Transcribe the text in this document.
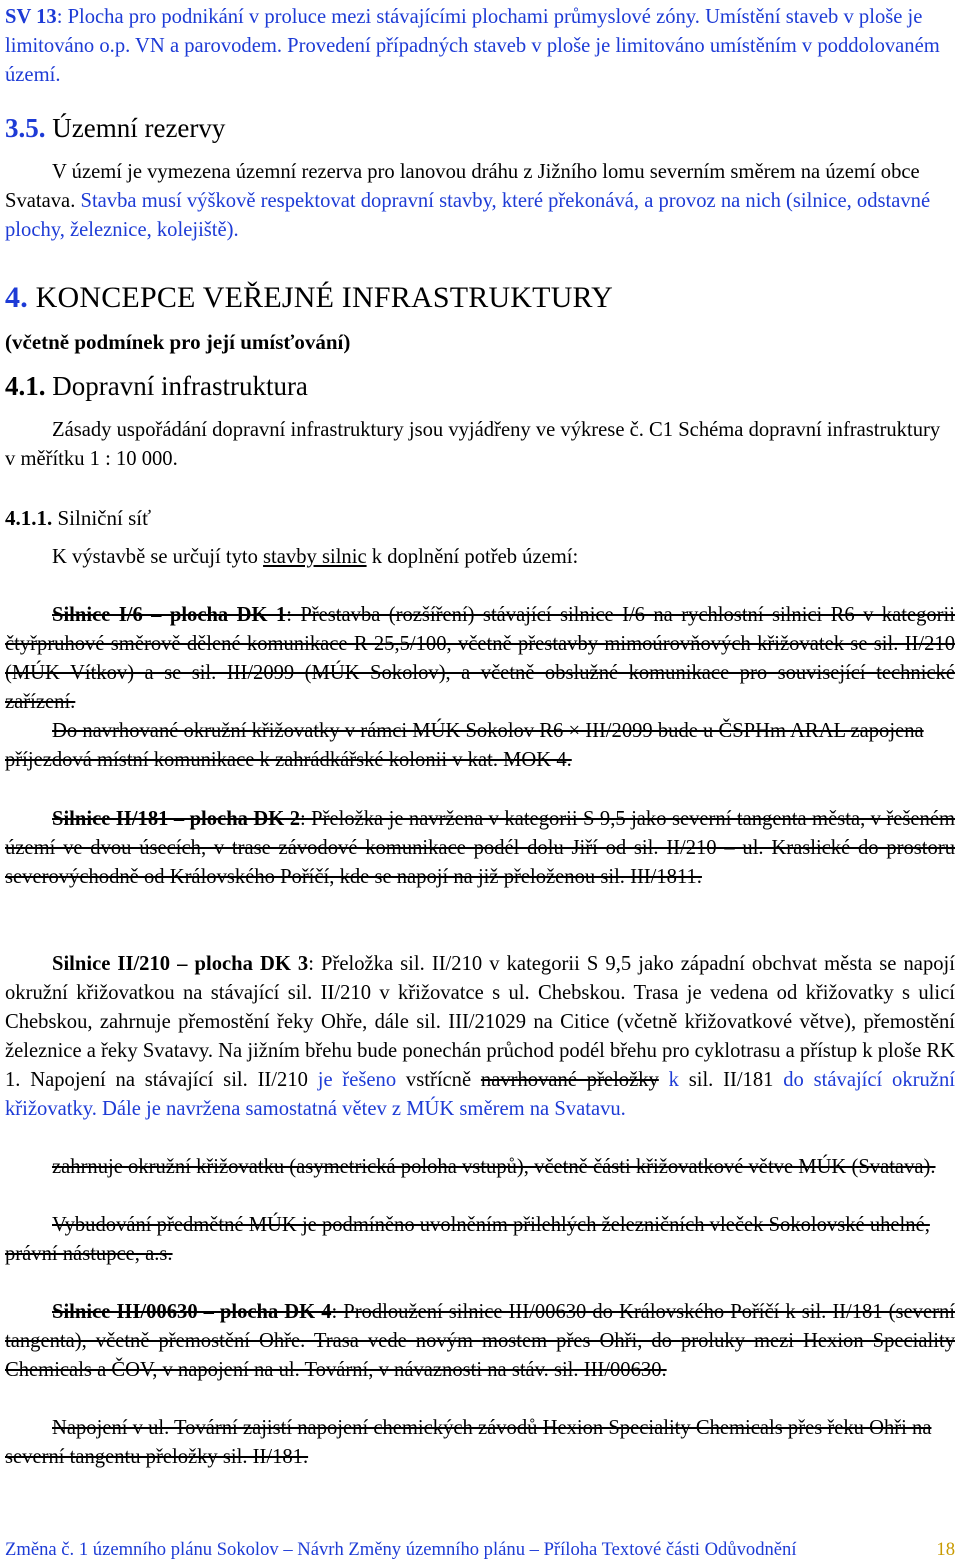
SV 13: Plocha pro podnikání v proluce mezi stávajícími plochami průmyslové zóny. Umístění staveb v ploše je limitováno o.p. VN a parovodem. Provedení případných staveb v ploše je limitováno umístěním v poddolovaném území.

3.5. Územní rezervy

V území je vymezena územní rezerva pro lanovou dráhu z Jižního lomu severním směrem na území obce Svatava. Stavba musí výškově respektovat dopravní stavby, které překonává, a provoz na nich (silnice, odstavné plochy, železnice, kolejiště).

4. KONCEPCE VEŘEJNÉ INFRASTRUKTURY

(včetně podmínek pro její umísťování)

4.1. Dopravní infrastruktura

Zásady uspořádání dopravní infrastruktury jsou vyjádřeny ve výkrese č. C1 Schéma dopravní infrastruktury v měřítku 1 : 10 000.

4.1.1. Silniční síť

K výstavbě se určují tyto stavby silnic k doplnění potřeb území:

Silnice I/6 – plocha DK 1: Přestavba (rozšíření) stávající silnice I/6 na rychlostní silnici R6 v kategorii čtyřpruhové směrově dělené komunikace R 25,5/100, včetně přestavby mimoúrovňových křižovatek se sil. II/210 (MÚK Vítkov) a se sil. III/2099 (MÚK Sokolov), a včetně obslužné komunikace pro související technické zařízení.

Do navrhované okružní křižovatky v rámci MÚK Sokolov R6 × III/2099 bude u ČSPHm ARAL zapojena příjezdová místní komunikace k zahrádkářské kolonii v kat. MOK 4.

Silnice II/181 – plocha DK 2: Přeložka je navržena v kategorii S 9,5 jako severní tangenta města, v řešeném území ve dvou úsecích, v trase závodové komunikace podél dolu Jiří od sil. II/210 – ul. Kraslické do prostoru severovýchodně od Královského Poříčí, kde se napojí na již přeloženou sil. III/1811.

Silnice II/210 – plocha DK 3: Přeložka sil. II/210 v kategorii S 9,5 jako západní obchvat města se napojí okružní křižovatkou na stávající sil. II/210 v křižovatce s ul. Chebskou. Trasa je vedena od křižovatky s ulicí Chebskou, zahrnuje přemostění řeky Ohře, dále sil. III/21029 na Citice (včetně křižovatkové větve), přemostění železnice a řeky Svatavy. Na jižním břehu bude ponechán průchod podél břehu pro cyklotrasu a přístup k ploše RK 1. Napojení na stávající sil. II/210 je řešeno vstřícně navrhované přeložky k sil. II/181 do stávající okružní křižovatky. Dále je navržena samostatná větev z MÚK směrem na Svatavu.

zahrnuje okružní křižovatku (asymetrická poloha vstupů), včetně části křižovatkové větve MÚK (Svatava).

Vybudování předmětné MÚK je podmíněno uvolněním přilehlých železničních vleček Sokolovské uhelné, právní nástupce, a.s.

Silnice III/00630 – plocha DK 4: Prodloužení silnice III/00630 do Královského Poříčí k sil. II/181 (severní tangenta), včetně přemostění Ohře. Trasa vede novým mostem přes Ohři, do proluky mezi Hexion Speciality Chemicals a ČOV, v napojení na ul. Tovární, v návaznosti na stáv. sil. III/00630.

Napojení v ul. Tovární zajistí napojení chemických závodů Hexion Speciality Chemicals přes řeku Ohři na severní tangentu přeložky sil. II/181.

Změna č. 1 územního plánu Sokolov – Návrh Změny územního plánu – Příloha Textové části Odůvodnění	18
